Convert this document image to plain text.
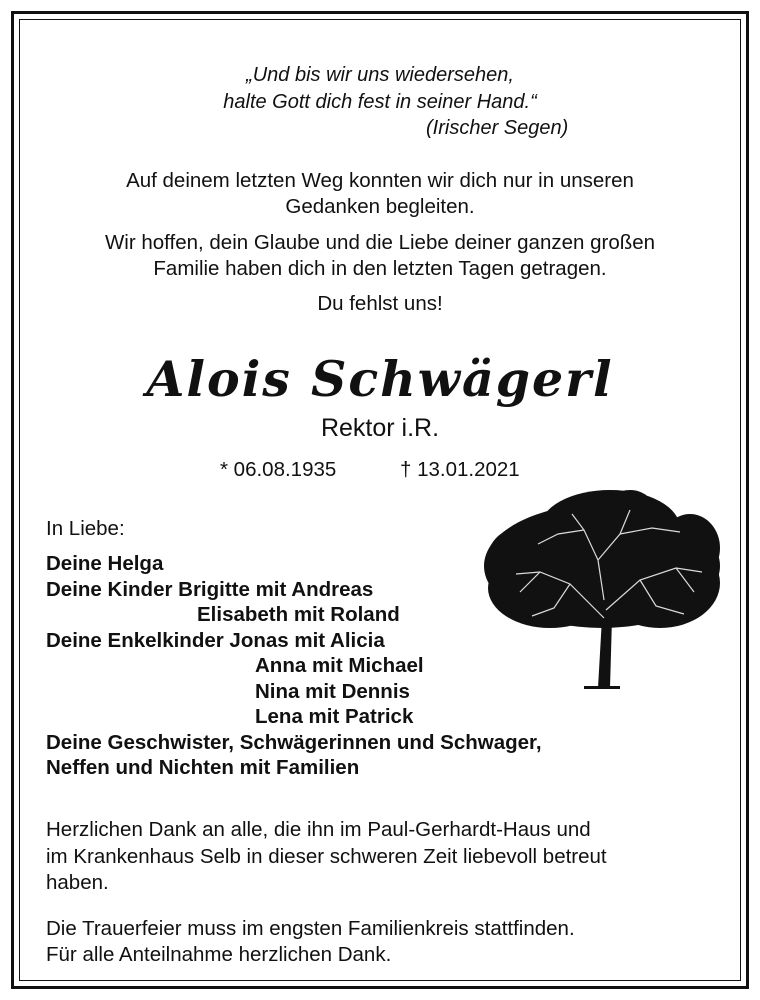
„Und bis wir uns wiedersehen,
halte Gott dich fest in seiner Hand.“
(Irischer Segen)
Auf deinem letzten Weg konnten wir dich nur in unseren
Gedanken begleiten.
Wir hoffen, dein Glaube und die Liebe deiner ganzen großen
Familie haben dich in den letzten Tagen getragen.
Du fehlst uns!
Alois Schwägerl
Rektor i.R.
* 06.08.1935	† 13.01.2021
In Liebe:
Deine Helga
Deine Kinder Brigitte mit Andreas
Elisabeth mit Roland
Deine Enkelkinder Jonas mit Alicia
Anna mit Michael
Nina mit Dennis
Lena mit Patrick
Deine Geschwister, Schwägerinnen und Schwager,
Neffen und Nichten mit Familien
Herzlichen Dank an alle, die ihn im Paul-Gerhardt-Haus und
im Krankenhaus Selb in dieser schweren Zeit liebevoll betreut
haben.
Die Trauerfeier muss im engsten Familienkreis stattfinden.
Für alle Anteilnahme herzlichen Dank.
